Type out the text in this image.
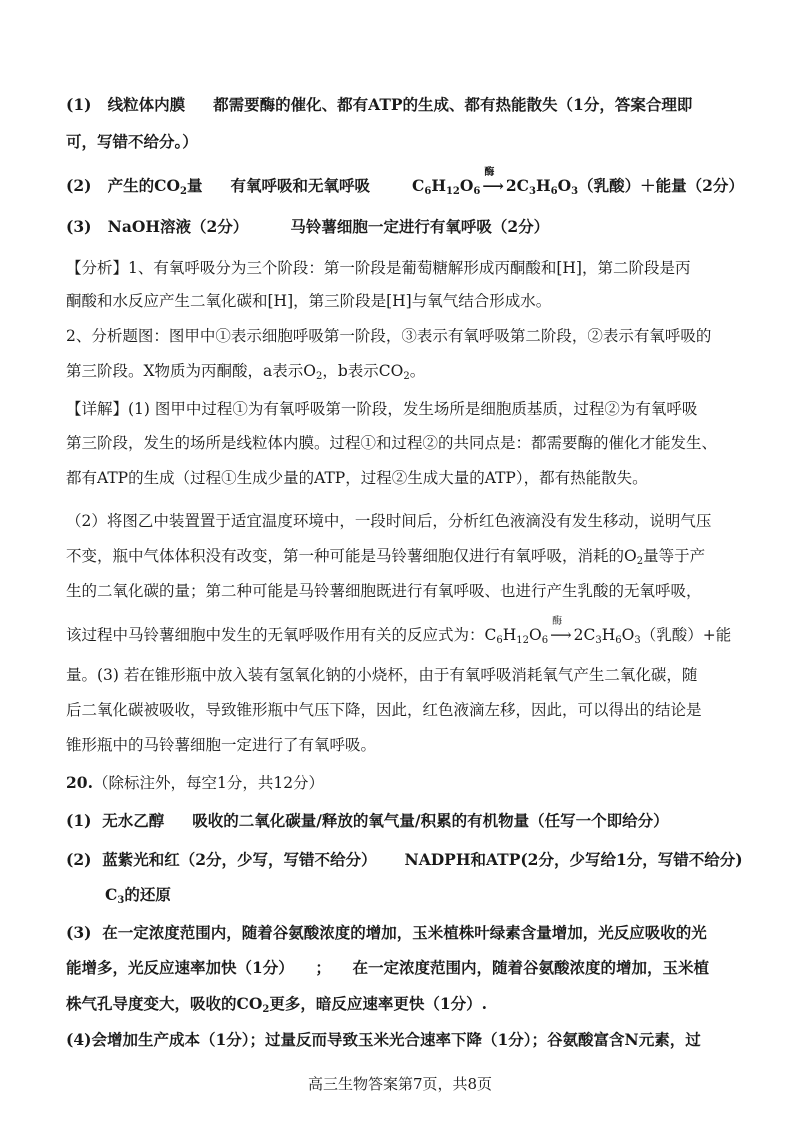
(1) 线粒体内膜 都需要酶的催化、都有ATP的生成、都有热能散失（1分，答案合理即
可，写错不给分。）
(2) 产生的$CO_2$量 有氧呼吸和无氧呼吸	$C_6H_{12}O_6$
酶
⟶ $2C_3H_6O_3$（乳酸）＋能量（2分）
(3) NaOH溶液（2分）	马铃薯细胞一定进行有氧呼吸（2分）
【分析】1、有氧呼吸分为三个阶段：第一阶段是葡萄糖解形成丙酮酸和[H]，第二阶段是丙
酮酸和水反应产生二氧化碳和[H]，第三阶段是[H]与氧气结合形成水。
2、分析题图：图甲中①表示细胞呼吸第一阶段，③表示有氧呼吸第二阶段，②表示有氧呼吸的
第三阶段。X物质为丙酮酸，a表示$O_2$，b表示$CO_2$。
【详解】(1) 图甲中过程①为有氧呼吸第一阶段，发生场所是细胞质基质，过程②为有氧呼吸
第三阶段，发生的场所是线粒体内膜。过程①和过程②的共同点是：都需要酶的催化才能发生、
都有ATP的生成（过程①生成少量的ATP，过程②生成大量的ATP），都有热能散失。
（2）将图乙中装置置于适宜温度环境中，一段时间后，分析红色液滴没有发生移动，说明气压
不变，瓶中气体体积没有改变，第一种可能是马铃薯细胞仅进行有氧呼吸，消耗的$O_2$量等于产
生的二氧化碳的量；第二种可能是马铃薯细胞既进行有氧呼吸、也进行产生乳酸的无氧呼吸，
该过程中马铃薯细胞中发生的无氧呼吸作用有关的反应式为：$C_6H_{12}O_6$
酶
⟶ $2C_3H_6O_3$（乳酸）+能
量。(3) 若在锥形瓶中放入装有氢氧化钠的小烧杯，由于有氧呼吸消耗氧气产生二氧化碳，随
后二氧化碳被吸收，导致锥形瓶中气压下降，因此，红色液滴左移，因此，可以得出的结论是
锥形瓶中的马铃薯细胞一定进行了有氧呼吸。
20.（除标注外，每空1分，共12分）
(1) 无水乙醇 吸收的二氧化碳量/释放的氧气量/积累的有机物量（任写一个即给分）
(2) 蓝紫光和红（2分，少写，写错不给分） NADPH和ATP(2分，少写给1分，写错不给分)
$C_3$的还原
(3) 在一定浓度范围内，随着谷氨酸浓度的增加，玉米植株叶绿素含量增加，光反应吸收的光
能增多，光反应速率加快（1分） ； 在一定浓度范围内，随着谷氨酸浓度的增加，玉米植
株气孔导度变大，吸收的$CO_2$更多，暗反应速率更快（1分）.
(4)会增加生产成本（1分）；过量反而导致玉米光合速率下降（1分）；谷氨酸富含N元素，过
高三生物答案第7页，共8页
